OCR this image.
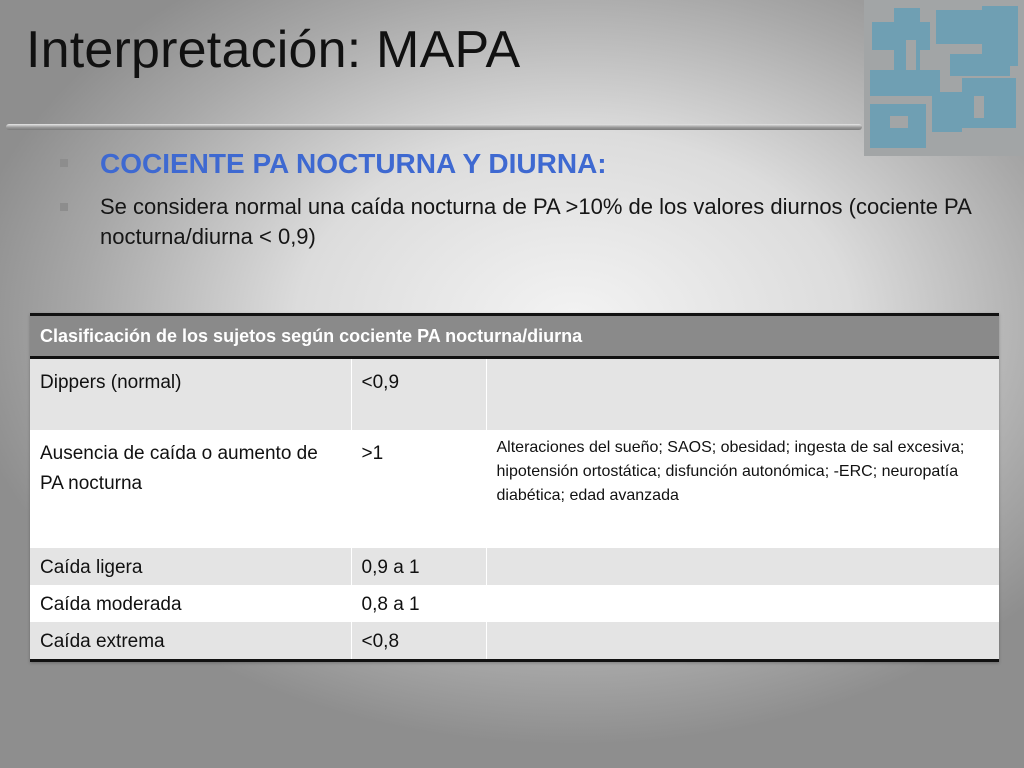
Interpretación: MAPA
COCIENTE PA NOCTURNA Y DIURNA:
Se considera normal una caída nocturna de PA >10% de los valores diurnos (cociente PA nocturna/diurna < 0,9)
Clasificación de los sujetos según cociente PA nocturna/diurna		
Dippers (normal)	<0,9	
Ausencia de caída o aumento de PA nocturna	>1	Alteraciones del sueño; SAOS; obesidad; ingesta de sal excesiva; hipotensión ortostática; disfunción autonómica; -ERC; neuropatía diabética; edad avanzada
Caída ligera	0,9 a 1	
Caída moderada	0,8 a 1	
Caída extrema	<0,8	
